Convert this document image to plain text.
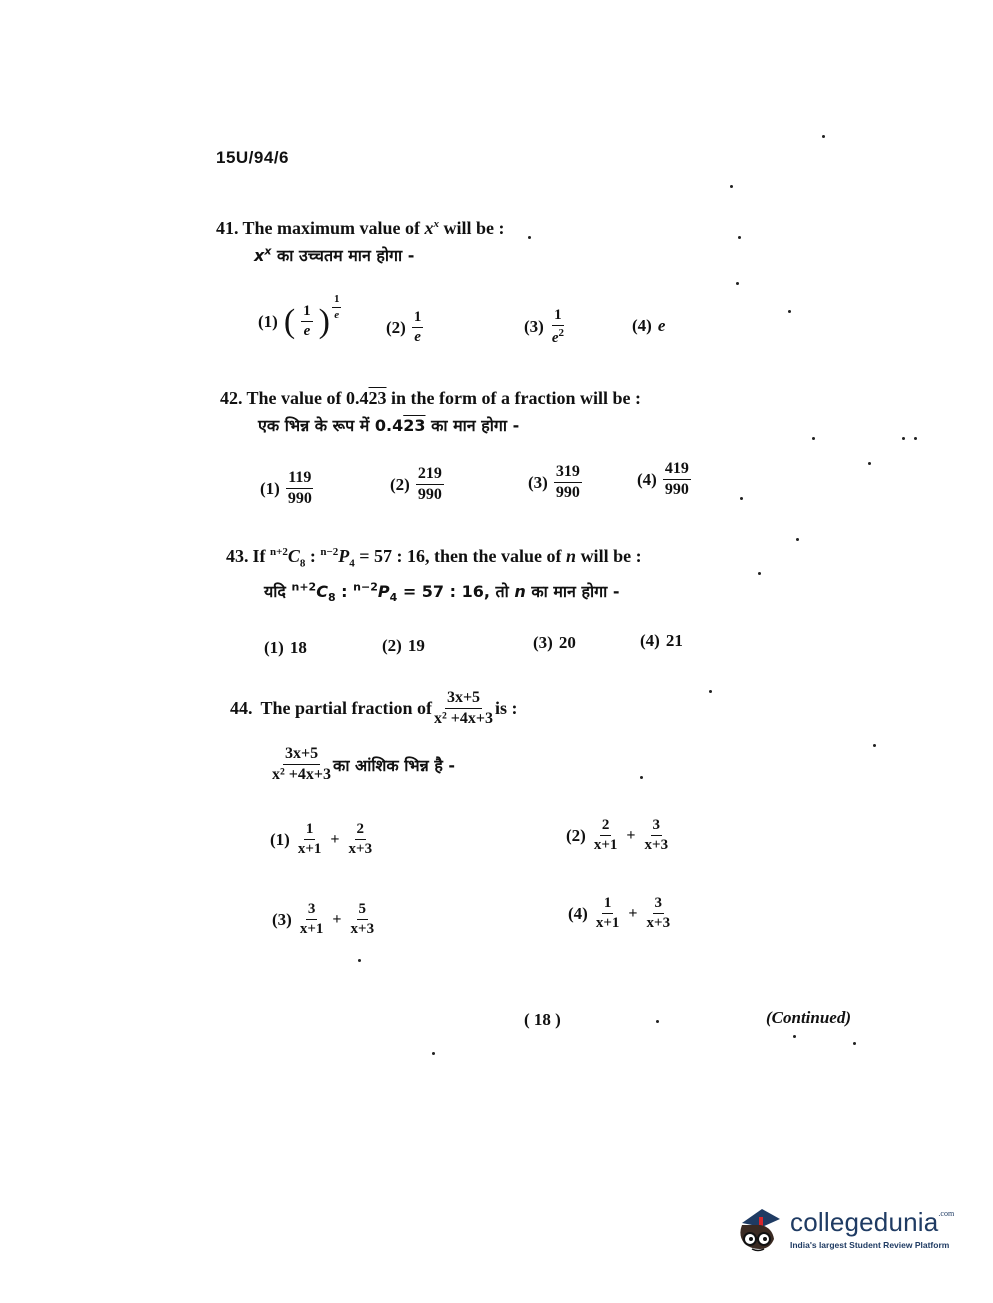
15U/94/6
41. The maximum value of $x^x$ will be :
$x^x$ का उच्चतम मान होगा -
(1) ( $\frac{1}{e}$ ) $\frac{1}{e}$
$(2) \frac{1}{e}$	$(3) \frac{1}{e^2}$	(4) e
42. The value of 0.423 in the form of a fraction will be :
एक भिन्न के रूप में 0.423 का मान होगा -
$(1) \frac{119}{990}$	$(2) \frac{219}{990}$	$(3) \frac{319}{990}$	$(4) \frac{419}{990}$
43. If $^{n+2}C_8$ : $^{n-2}P_4 = 57$ : 16, then the value of n will be :
यदि $^{n+2}C_8$ : $^{n-2}P_4 = 57$ : 16, तो n का मान होगा -
(1) 18	(2) 19	(3) 20	(4) 21
44. The partial fraction of $\frac{3x+5}{\text{x² +4x+3}}$ is :
$\frac{3x+5}{\text{x² +4x+3}}$ का आंशिक भिन्न है -
$(1) \frac{1}{x+1} + \frac{2}{x+3}$	$(2) \frac{2}{x+1} + \frac{3}{x+3}$
$(3) \frac{3}{x+1} + \frac{5}{x+3}$	$(4) \frac{1}{x+1} + \frac{3}{x+3}$
( 18 )	(Continued)
collegedunia$^{.com}$
India's largest Student Review Platform
